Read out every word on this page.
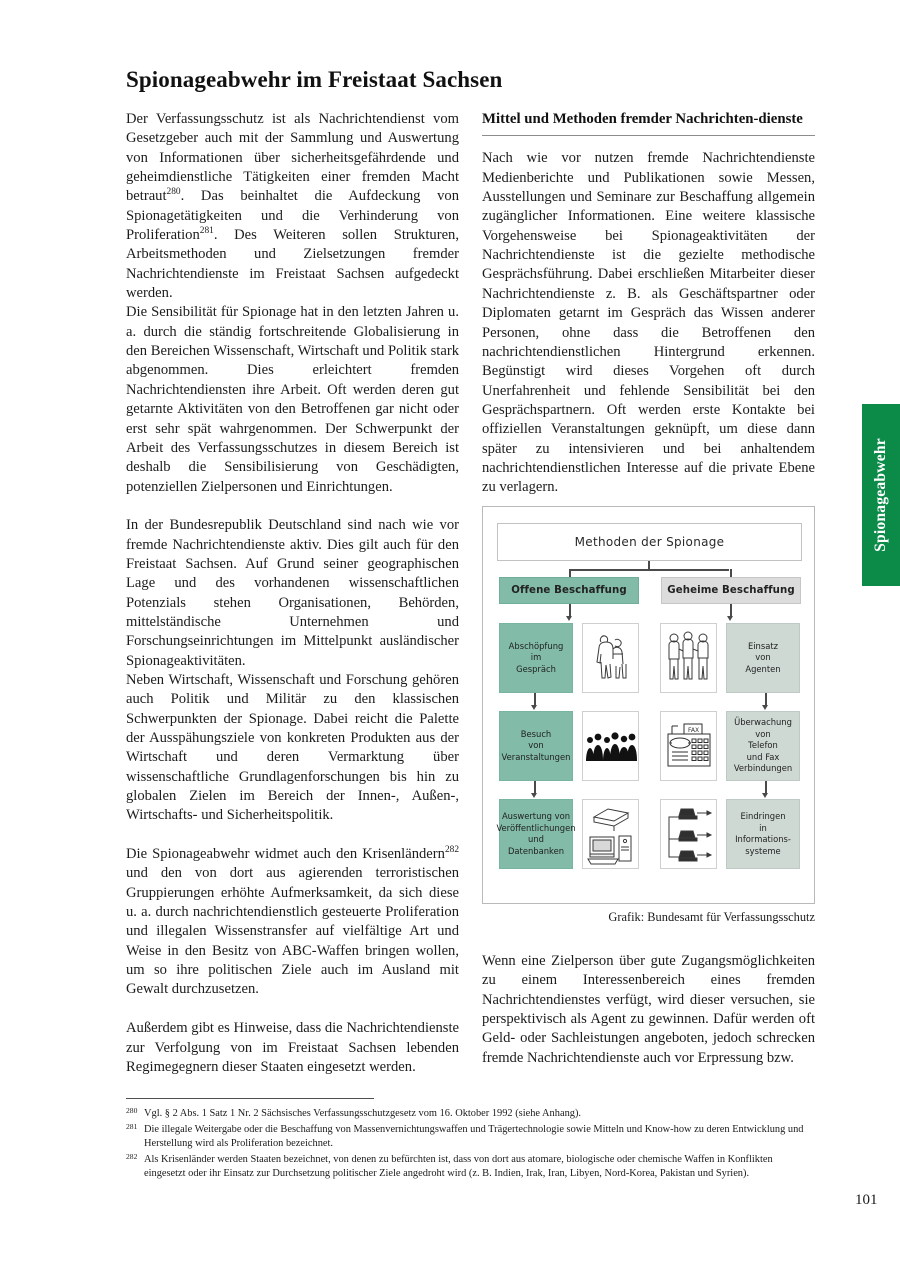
Spionageabwehr im Freistaat Sachsen
Der Verfassungsschutz ist als Nachrichtendienst vom Gesetzgeber auch mit der Sammlung und Auswertung von Informationen über sicherheitsgefährdende und geheimdienstliche Tätigkeiten einer fremden Macht betraut$^{280}$. Das beinhaltet die Aufdeckung von Spionagetätigkeiten und die Verhinderung von Proliferation$^{281}$. Des Weiteren sollen Strukturen, Arbeitsmethoden und Zielsetzungen fremder Nachrichtendienste im Freistaat Sachsen aufgedeckt werden.
Die Sensibilität für Spionage hat in den letzten Jahren u. a. durch die ständig fortschreitende Globalisierung in den Bereichen Wissenschaft, Wirtschaft und Politik stark abgenommen. Dies erleichtert fremden Nachrichtendiensten ihre Arbeit. Oft werden deren gut getarnte Aktivitäten von den Betroffenen gar nicht oder erst sehr spät wahrgenommen. Der Schwerpunkt der Arbeit des Verfassungsschutzes in diesem Bereich ist deshalb die Sensibilisierung von Geschädigten, potenziellen Zielpersonen und Einrichtungen.
In der Bundesrepublik Deutschland sind nach wie vor fremde Nachrichtendienste aktiv. Dies gilt auch für den Freistaat Sachsen. Auf Grund seiner geographischen Lage und des vorhandenen wissenschaftlichen Potenzials stehen Organisationen, Behörden, mittelständische Unternehmen und Forschungseinrichtungen im Mittelpunkt ausländischer Spionageaktivitäten.
Neben Wirtschaft, Wissenschaft und Forschung gehören auch Politik und Militär zu den klassischen Schwerpunkten der Spionage. Dabei reicht die Palette der Ausspähungsziele von konkreten Produkten aus der Wirtschaft und deren Vermarktung über wissenschaftliche Grundlagenforschungen bis hin zu globalen Zielen im Bereich der Innen-, Außen-, Wirtschafts- und Sicherheitspolitik.
Die Spionageabwehr widmet auch den Krisenländern$^{282}$ und den von dort aus agierenden terroristischen Gruppierungen erhöhte Aufmerksamkeit, da sich diese u. a. durch nachrichtendienstlich gesteuerte Proliferation und illegalen Wissenstransfer auf vielfältige Art und Weise in den Besitz von ABC-Waffen bringen wollen, um so ihre politischen Ziele auch im Ausland mit Gewalt durchzusetzen.
Außerdem gibt es Hinweise, dass die Nachrichtendienste zur Verfolgung von im Freistaat Sachsen lebenden Regimegegnern dieser Staaten eingesetzt werden.
Mittel und Methoden fremder Nachrichten-dienste
Nach wie vor nutzen fremde Nachrichtendienste Medienberichte und Publikationen sowie Messen, Ausstellungen und Seminare zur Beschaffung allgemein zugänglicher Informationen. Eine weitere klassische Vorgehensweise bei Spionageaktivitäten der Nachrichtendienste ist die gezielte methodische Gesprächsführung. Dabei erschließen Mitarbeiter dieser Nachrichtendienste z. B. als Geschäftspartner oder Diplomaten getarnt im Gespräch das Wissen anderer Personen, ohne dass die Betroffenen den nachrichtendienstlichen Hintergrund erkennen. Begünstigt wird dieses Vorgehen oft durch Unerfahrenheit und fehlende Sensibilität bei den Gesprächspartnern. Oft werden erste Kontakte bei offiziellen Veranstaltungen geknüpft, um diese dann später zu intensivieren und bei anhaltendem nachrichtendienstlichen Interesse auf die private Ebene zu verlagern.
Methoden der Spionage
Offene Beschaffung	Geheime Beschaffung
Abschöpfung
im
Gespräch
Besuch
von
Veranstaltungen
Auswertung von
Veröffentlichungen
und
Datenbanken
Einsatz
von
Agenten
Überwachung
von
Telefon
und Fax
Verbindungen
FAX
Eindringen
in
Informations-
systeme
Grafik: Bundesamt für Verfassungsschutz
Wenn eine Zielperson über gute Zugangsmöglichkeiten zu einem Interessenbereich eines fremden Nachrichtendienstes verfügt, wird dieser versuchen, sie perspektivisch als Agent zu gewinnen. Dafür werden oft Geld- oder Sachleistungen angeboten, jedoch schrecken fremde Nachrichtendienste auch vor Erpressung bzw.
Spionageabwehr
280 Vgl. § 2 Abs. 1 Satz 1 Nr. 2 Sächsisches Verfassungsschutzgesetz vom 16. Oktober 1992 (siehe Anhang).
281 Die illegale Weitergabe oder die Beschaffung von Massenvernichtungswaffen und Trägertechnologie sowie Mitteln und Know-how zu deren Entwicklung und Herstellung wird als Proliferation bezeichnet.
282 Als Krisenländer werden Staaten bezeichnet, von denen zu befürchten ist, dass von dort aus atomare, biologische oder chemische Waffen in Konflikten eingesetzt oder ihr Einsatz zur Durchsetzung politischer Ziele angedroht wird (z. B. Indien, Irak, Iran, Libyen, Nord-Korea, Pakistan und Syrien).
101
